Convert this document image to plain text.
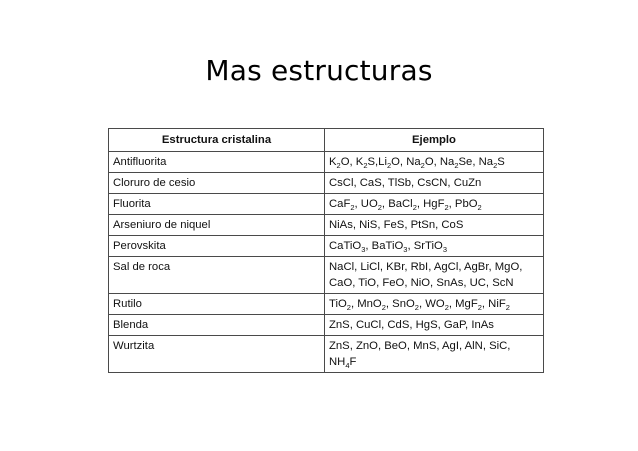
Mas estructuras
Estructura cristalina	Ejemplo
Antifluorita	$K_2O$, $K_2S,Li_2O$, $Na_2O$, $Na_2Se$, $Na_2S$
Cloruro de cesio	CsCl, CaS, TlSb, CsCN, CuZn
Fluorita	CaF$_2$, $UO_2$, BaCl$_2$, HgF$_2$, PbO$_2$
Arseniuro de niquel	NiAs, NiS, FeS, PtSn, CoS
Perovskita	CaTiO$_3$, BaTiO$_3$, SrTiO$_3$
Sal de roca	NaCl, LiCl, KBr, RbI, AgCl, AgBr, MgO, CaO, TiO, FeO, NiO, SnAs, UC, ScN
Rutilo	TiO$_2$, MnO$_2$, SnO$_2$, $WO_2$, MgF$_2$, NiF$_2$
Blenda	ZnS, CuCl, CdS, HgS, GaP, InAs
Wurtzita	ZnS, ZnO, BeO, MnS, AgI, AlN, SiC, $NH_4F$
